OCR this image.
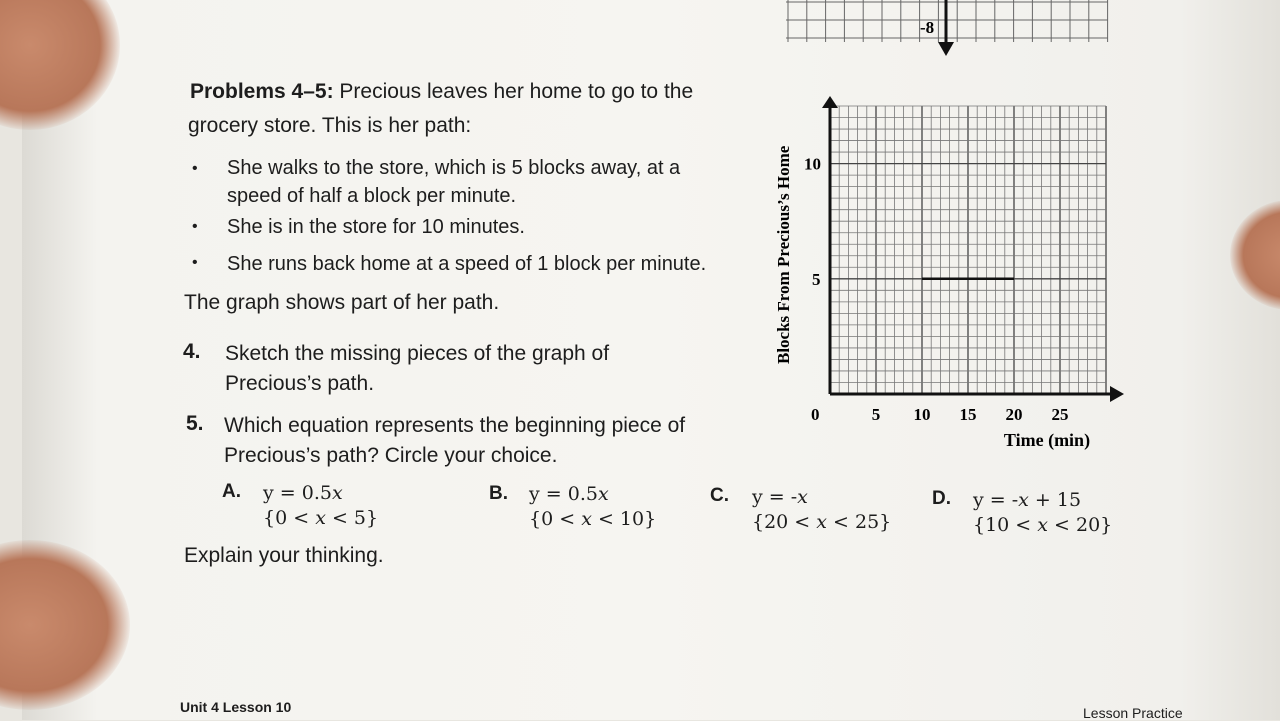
-8
Problems 4–5: Precious leaves her home to go to the
grocery store. This is her path:
• She walks to the store, which is 5 blocks away, at a
speed of half a block per minute.
• She is in the store for 10 minutes.
• She runs back home at a speed of 1 block per minute.
The graph shows part of her path.
4. Sketch the missing pieces of the graph of
Precious’s path.
5. Which equation represents the beginning piece of
Precious’s path? Circle your choice.
A. y = 0.5x
{0 < x < 5}
B. y = 0.5x
{0 < x < 10}
C. y = -x
{20 < x < 25}
D. y = -x + 15
{10 < x < 20}
Explain your thinking.
0
5
10
5 10 15 20 25
Time (min)
Blocks From Precious’s Home
Unit 4 Lesson 10	Lesson Practice
